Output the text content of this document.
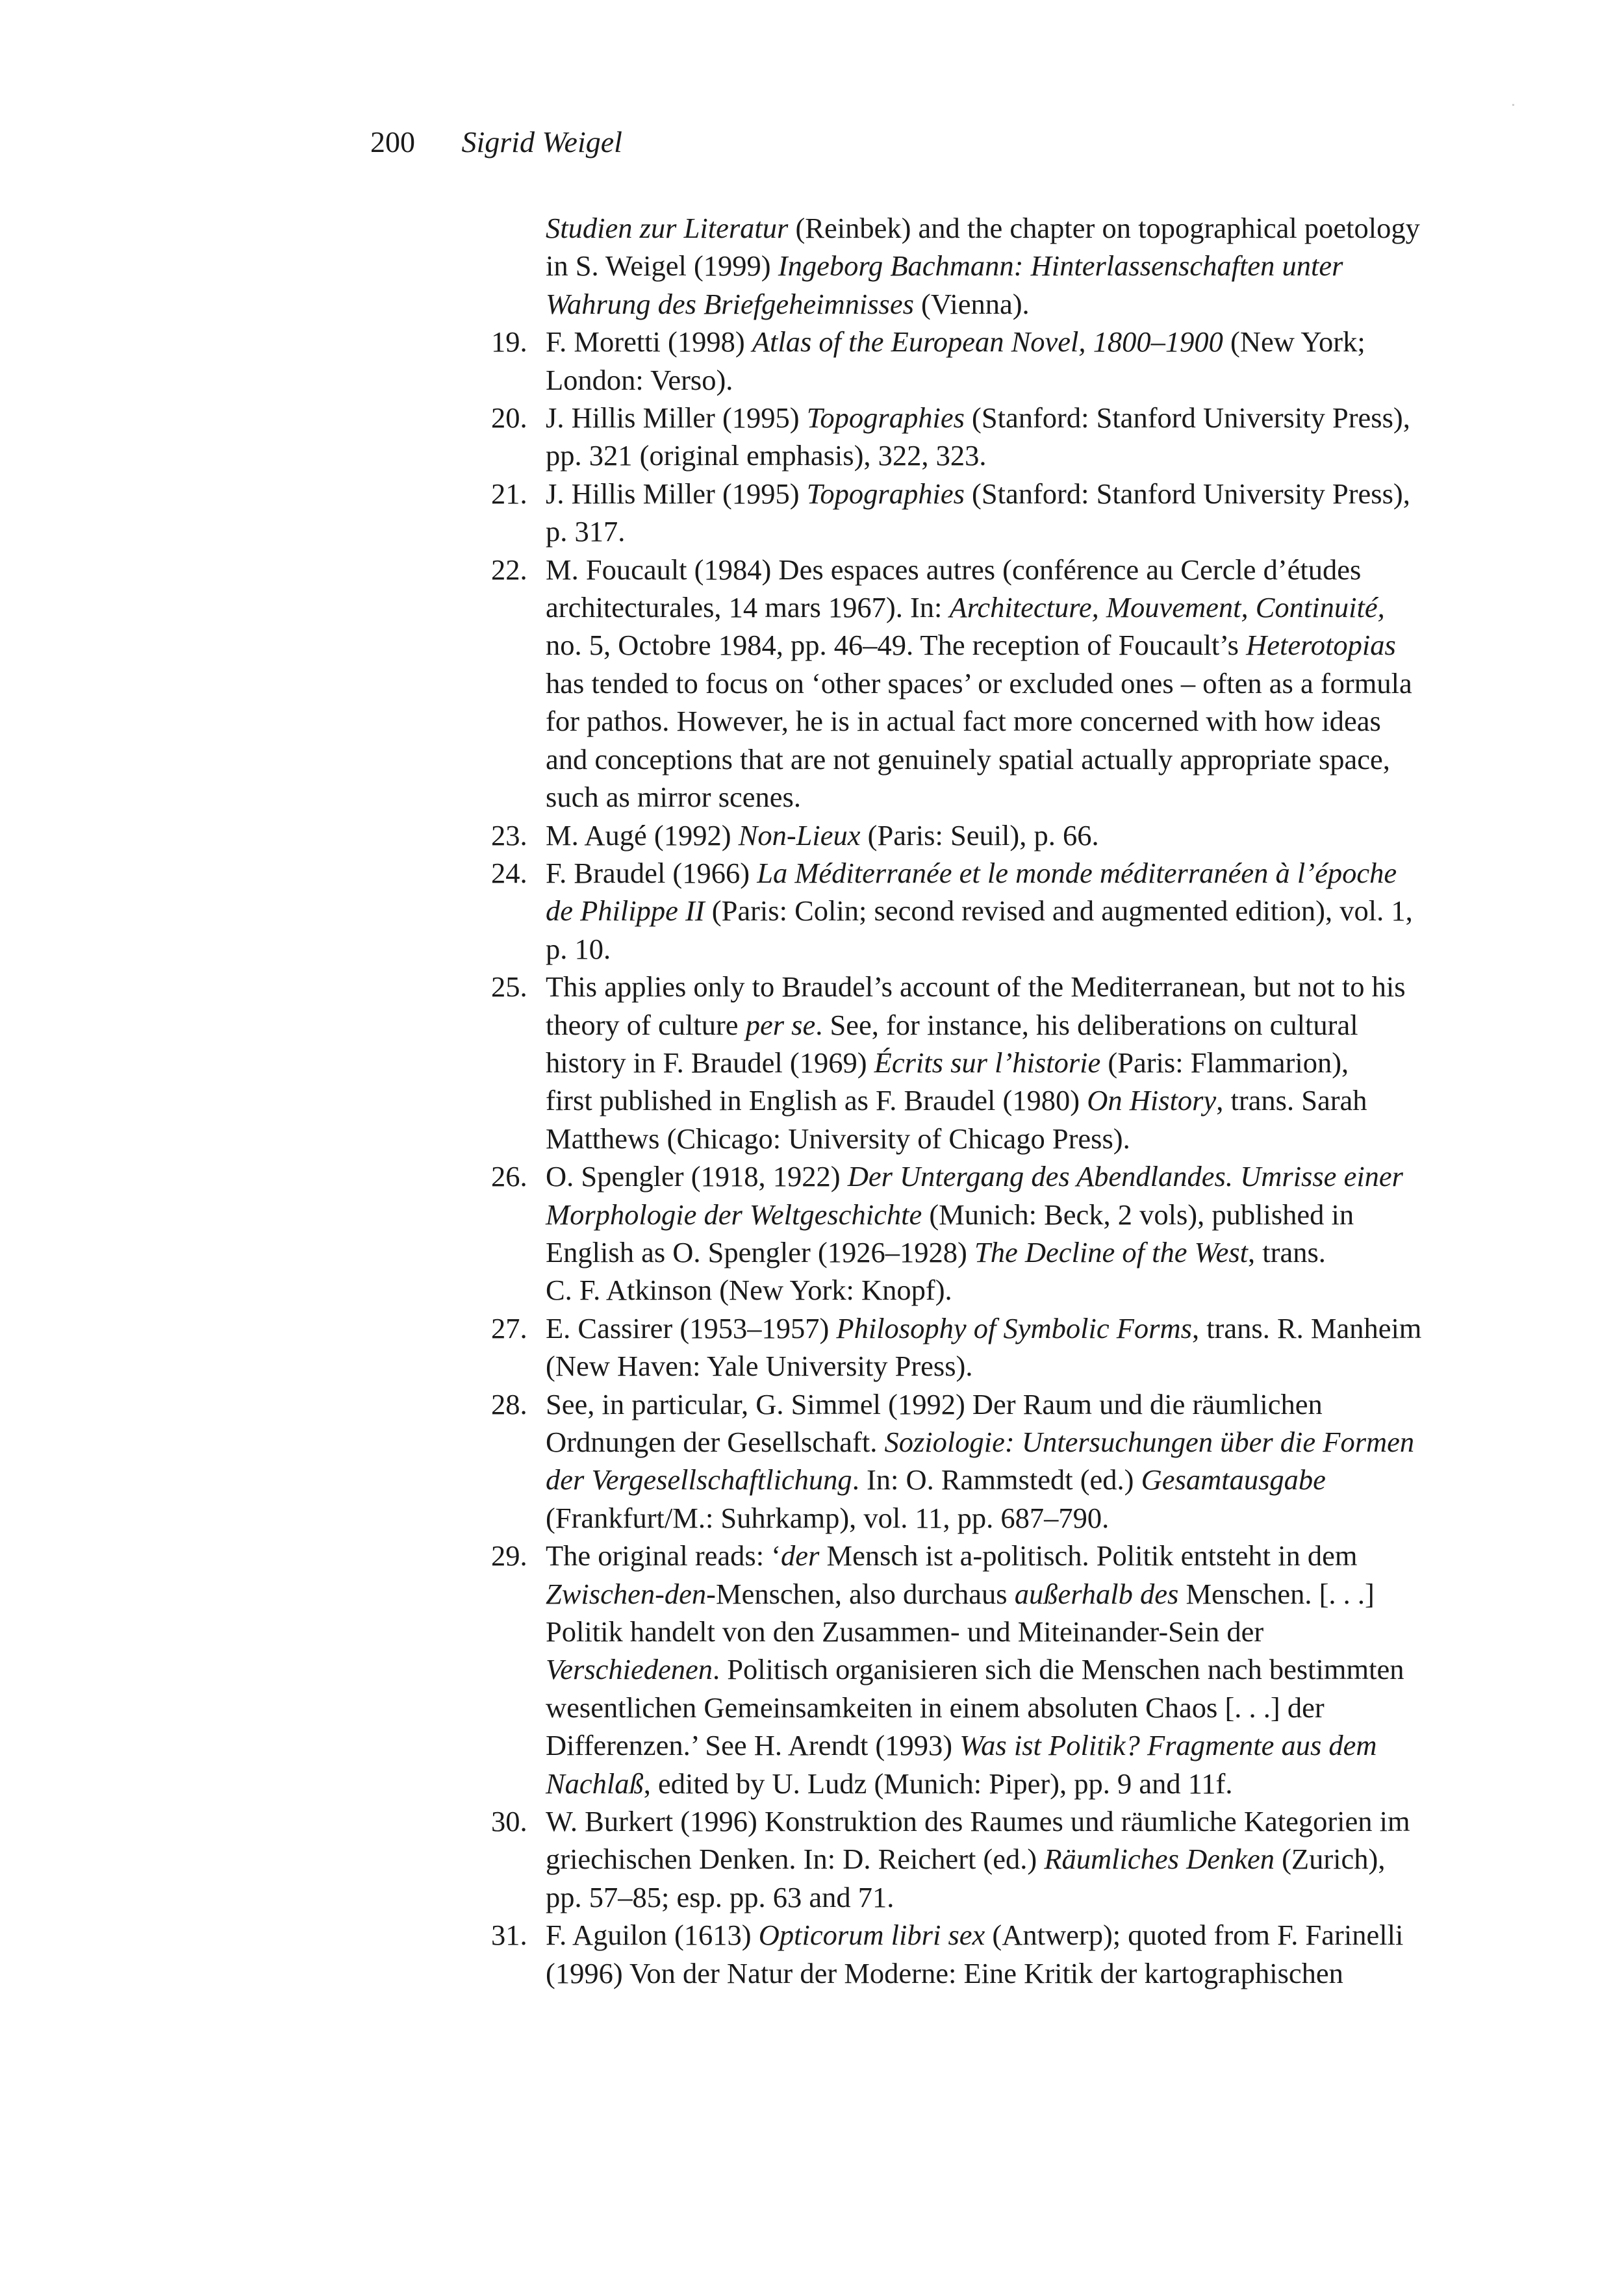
200 Sigrid Weigel
Studien zur Literatur (Reinbek) and the chapter on topographical poetology
in S. Weigel (1999) Ingeborg Bachmann: Hinterlassenschaften unter
Wahrung des Briefgeheimnisses (Vienna).
19. F. Moretti (1998) Atlas of the European Novel, 1800–1900 (New York;
London: Verso).
20. J. Hillis Miller (1995) Topographies (Stanford: Stanford University Press),
pp. 321 (original emphasis), 322, 323.
21. J. Hillis Miller (1995) Topographies (Stanford: Stanford University Press),
p. 317.
22. M. Foucault (1984) Des espaces autres (conférence au Cercle d’études
architecturales, 14 mars 1967). In: Architecture, Mouvement, Continuité,
no. 5, Octobre 1984, pp. 46–49. The reception of Foucault’s Heterotopias
has tended to focus on ‘other spaces’ or excluded ones – often as a formula
for pathos. However, he is in actual fact more concerned with how ideas
and conceptions that are not genuinely spatial actually appropriate space,
such as mirror scenes.
23. M. Augé (1992) Non-Lieux (Paris: Seuil), p. 66.
24. F. Braudel (1966) La Méditerranée et le monde méditerranéen à l’époche
de Philippe II (Paris: Colin; second revised and augmented edition), vol. 1,
p. 10.
25. This applies only to Braudel’s account of the Mediterranean, but not to his
theory of culture per se. See, for instance, his deliberations on cultural
history in F. Braudel (1969) Écrits sur l’historie (Paris: Flammarion),
first published in English as F. Braudel (1980) On History, trans. Sarah
Matthews (Chicago: University of Chicago Press).
26. O. Spengler (1918, 1922) Der Untergang des Abendlandes. Umrisse einer
Morphologie der Weltgeschichte (Munich: Beck, 2 vols), published in
English as O. Spengler (1926–1928) The Decline of the West, trans.
C. F. Atkinson (New York: Knopf).
27. E. Cassirer (1953–1957) Philosophy of Symbolic Forms, trans. R. Manheim
(New Haven: Yale University Press).
28. See, in particular, G. Simmel (1992) Der Raum und die räumlichen
Ordnungen der Gesellschaft. Soziologie: Untersuchungen über die Formen
der Vergesellschaftlichung. In: O. Rammstedt (ed.) Gesamtausgabe
(Frankfurt/M.: Suhrkamp), vol. 11, pp. 687–790.
29. The original reads: ‘der Mensch ist a-politisch. Politik entsteht in dem
Zwischen-den-Menschen, also durchaus außerhalb des Menschen. [. . .]
Politik handelt von den Zusammen- und Miteinander-Sein der
Verschiedenen. Politisch organisieren sich die Menschen nach bestimmten
wesentlichen Gemeinsamkeiten in einem absoluten Chaos [. . .] der
Differenzen.’ See H. Arendt (1993) Was ist Politik? Fragmente aus dem
Nachlaß, edited by U. Ludz (Munich: Piper), pp. 9 and 11f.
30. W. Burkert (1996) Konstruktion des Raumes und räumliche Kategorien im
griechischen Denken. In: D. Reichert (ed.) Räumliches Denken (Zurich),
pp. 57–85; esp. pp. 63 and 71.
31. F. Aguilon (1613) Opticorum libri sex (Antwerp); quoted from F. Farinelli
(1996) Von der Natur der Moderne: Eine Kritik der kartographischen
